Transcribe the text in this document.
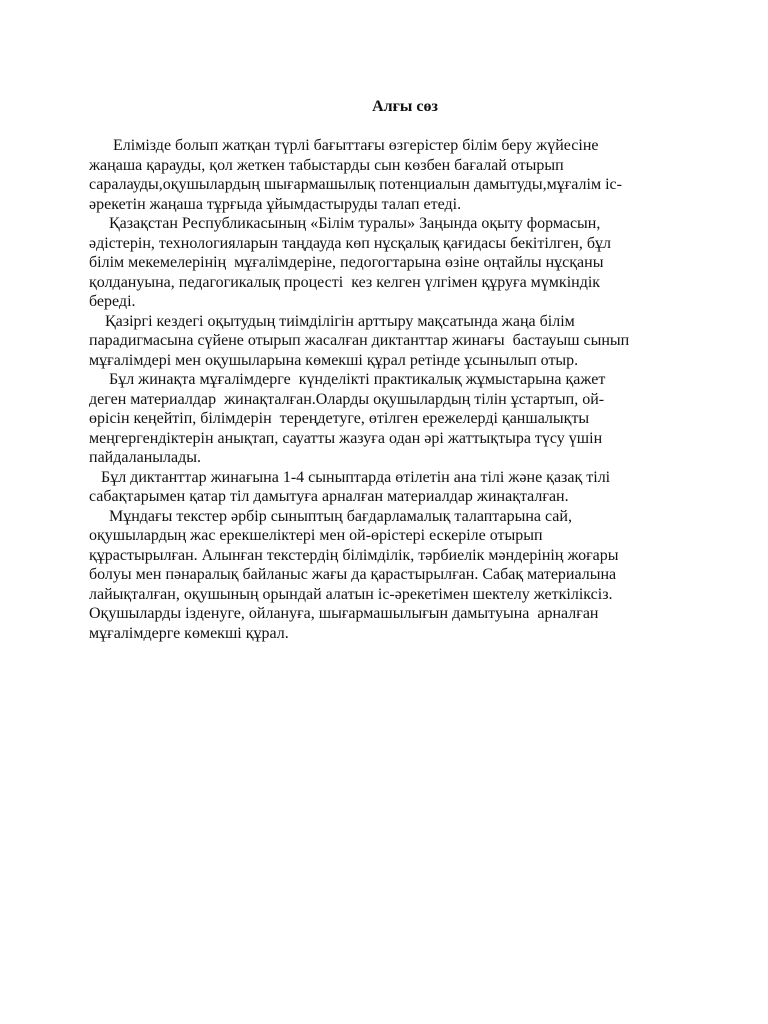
Алғы сөз
Елімізде болып жатқан түрлі бағыттағы өзгерістер білім беру жүйесіне
жаңаша қарауды, қол жеткен табыстарды сын көзбен бағалай отырып
саралауды,оқушылардың шығармашылық потенциалын дамытуды,мұғалім іс-
әрекетін жаңаша тұрғыда ұйымдастыруды талап етеді.
Қазақстан Республикасының «Білім туралы» Заңында оқыту формасын,
әдістерін, технологияларын таңдауда көп нұсқалық қағидасы бекітілген, бұл
білім мекемелерінің  мұғалімдеріне, педогогтарына өзіне оңтайлы нұсқаны
қолдануына, педагогикалық процесті  кез келген үлгімен құруға мүмкіндік
береді.
Қазіргі кездегі оқытудың тиімділігін арттыру мақсатында жаңа білім
парадигмасына сүйене отырып жасалған диктанттар жинағы  бастауыш сынып
мұғалімдері мен оқушыларына көмекші құрал ретінде ұсынылып отыр.
Бұл жинақта мұғалімдерге  күнделікті практикалық жұмыстарына қажет
деген материалдар  жинақталған.Оларды оқушылардың тілін ұстартып, ой-
өрісін кеңейтіп, білімдерін  тереңдетуге, өтілген ережелерді қаншалықты
меңгергендіктерін анықтап, сауатты жазуға одан әрі жаттықтыра түсу үшін
пайдаланылады.
Бұл диктанттар жинағына 1-4 сыныптарда өтілетін ана тілі және қазақ тілі
сабақтарымен қатар тіл дамытуға арналған материалдар жинақталған.
Мұндағы текстер әрбір сыныптың бағдарламалық талаптарына сай,
оқушылардың жас ерекшеліктері мен ой-өрістері ескеріле отырып
құрастырылған. Алынған текстердің білімділік, тәрбиелік мәндерінің жоғары
болуы мен пәнаралық байланыс жағы да қарастырылған. Сабақ материалына
лайықталған, оқушының орындай алатын іс-әрекетімен шектелу жеткіліксіз.
Оқушыларды ізденуге, ойлануға, шығармашылығын дамытуына  арналған
мұғалімдерге көмекші құрал.
